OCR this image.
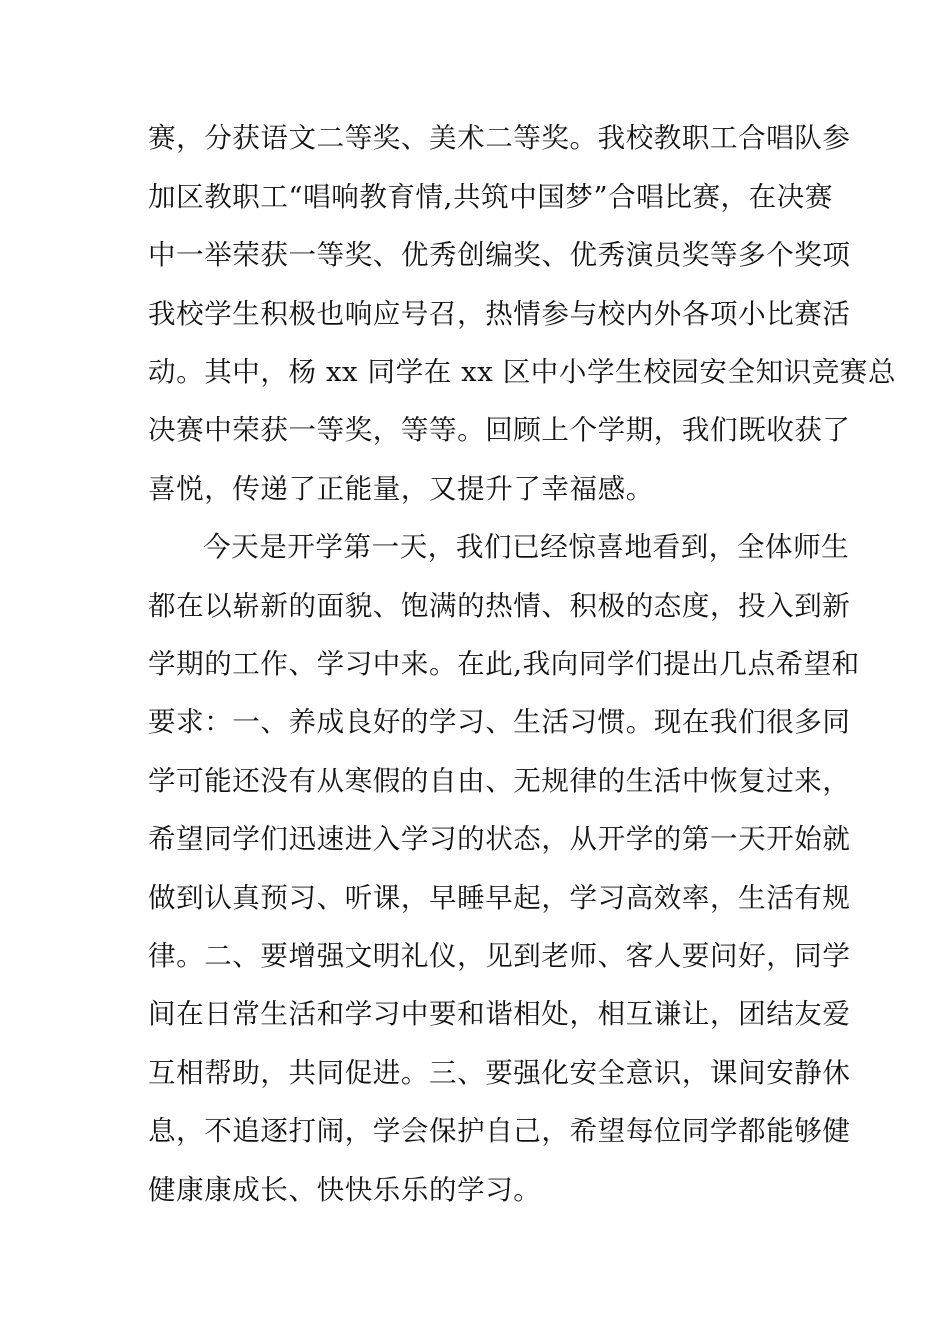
赛，分获语文二等奖、美术二等奖。我校教职工合唱队参
加区教职工“唱响教育情,共筑中国梦”合唱比赛，在决赛
中一举荣获一等奖、优秀创编奖、优秀演员奖等多个奖项
我校学生积极也响应号召，热情参与校内外各项小比赛活
动。其中，杨 xx 同学在 xx 区中小学生校园安全知识竞赛总
决赛中荣获一等奖，等等。回顾上个学期，我们既收获了
喜悦，传递了正能量，又提升了幸福感。
今天是开学第一天，我们已经惊喜地看到，全体师生
都在以崭新的面貌、饱满的热情、积极的态度，投入到新
学期的工作、学习中来。在此,我向同学们提出几点希望和
要求：一、养成良好的学习、生活习惯。现在我们很多同
学可能还没有从寒假的自由、无规律的生活中恢复过来，
希望同学们迅速进入学习的状态，从开学的第一天开始就
做到认真预习、听课，早睡早起，学习高效率，生活有规
律。二、要增强文明礼仪，见到老师、客人要问好，同学
间在日常生活和学习中要和谐相处，相互谦让，团结友爱
互相帮助，共同促进。三、要强化安全意识，课间安静休
息，不追逐打闹，学会保护自己，希望每位同学都能够健
健康康成长、快快乐乐的学习。
